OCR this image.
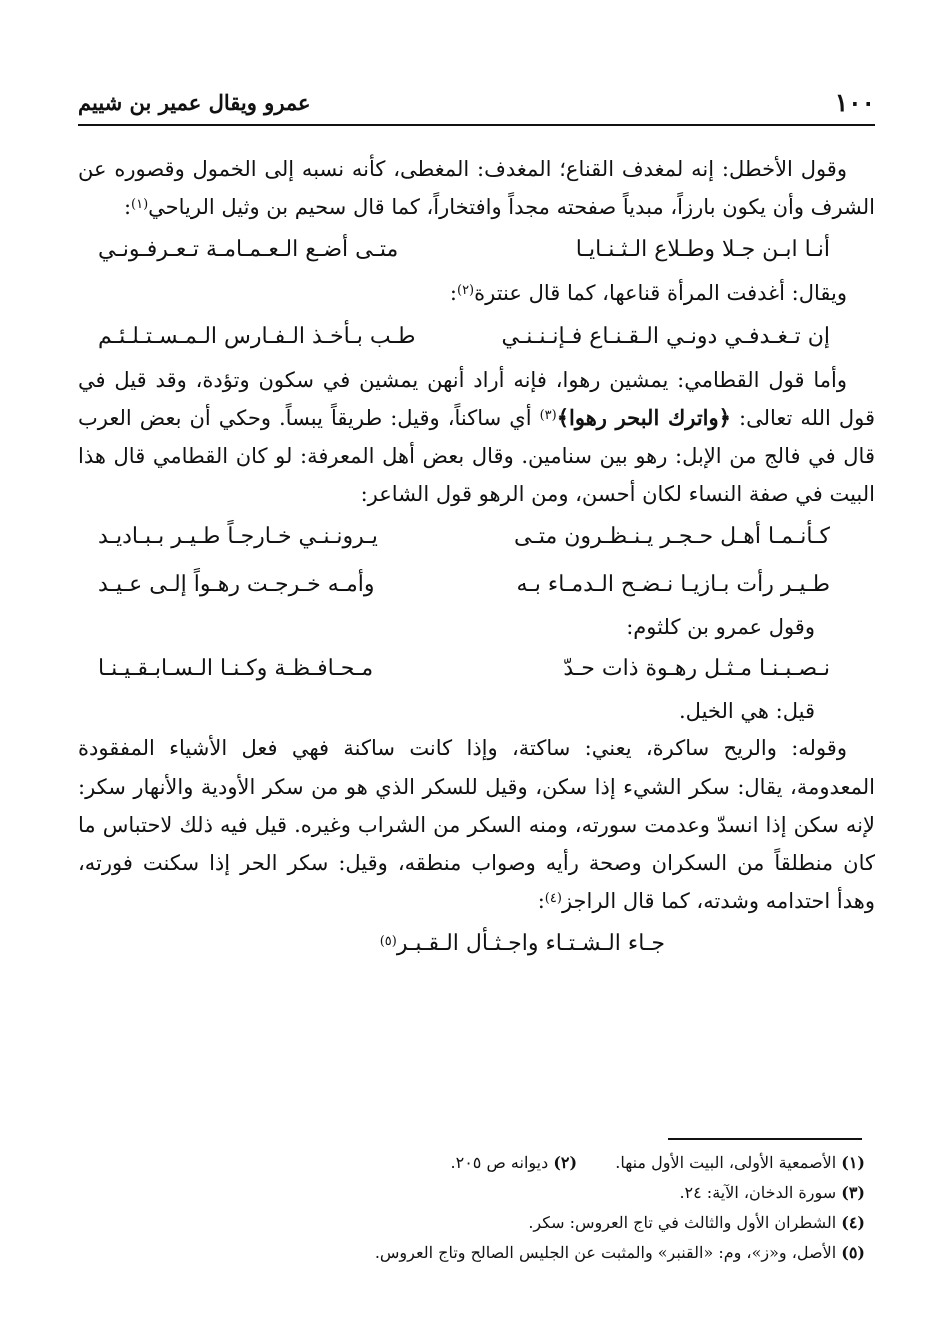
١٠٠
عمرو ويقال عمير بن شييم

وقول الأخطل: إنه لمغدف القناع؛ المغدف: المغطى، كأنه نسبه إلى الخمول وقصوره عن الشرف وأن يكون بارزاً، مبدياً صفحته مجداً وافتخاراً، كما قال سحيم بن وثيل الرياحي$^{(١)}$:

أنـا ابـن جـلا وطـلاع الـثـنـايـا
متـى أضـع الـعـمـامـة تـعـرفـونـي

ويقال: أغدفت المرأة قناعها، كما قال عنترة$^{(٢)}$:

إن تـغـدفـي دونـي الـقـنـاع فـإنـنـنـي
طـب بـأخـذ الـفـارس الـمـسـتـلـئـم

وأما قول القطامي: يمشين رهوا، فإنه أراد أنهن يمشين في سكون وتؤدة، وقد قيل في قول الله تعالى: ﴿واترك البحر رهوا﴾$^{(٣)}$ أي ساكناً، وقيل: طريقاً يبساً. وحكي أن بعض العرب قال في فالج من الإبل: رهو بين سنامين. وقال بعض أهل المعرفة: لو كان القطامي قال هذا البيت في صفة النساء لكان أحسن، ومن الرهو قول الشاعر:

كـأنـمـا أهـل حـجـر يـنـظـرون متـى
يـرونـنـي خـارجـاً طـيـر بـبـاديـد
طـيـر رأت بـازيـا نـضـح الـدمـاء بـه
وأمـه خـرجـت رهـواً إلـى عـيـد
وقول عمرو بن كلثوم:
نـصـبـنـا مـثـل رهـوة ذات حـدّ
مـحـافـظـة وكـنـا الـسـابـقـيـنـا
قيل: هي الخيل.

وقوله: والريح ساكرة، يعني: ساكتة، وإذا كانت ساكنة فهي فعل الأشياء المفقودة المعدومة، يقال: سكر الشيء إذا سكن، وقيل للسكر الذي هو من سكر الأودية والأنهار سكر: لإنه سكن إذا انسدّ وعدمت سورته، ومنه السكر من الشراب وغيره. قيل فيه ذلك لاحتباس ما كان منطلقاً من السكران وصحة رأيه وصواب منطقه، وقيل: سكر الحر إذا سكنت فورته، وهدأ احتدامه وشدته، كما قال الراجز$^{(٤)}$:

جـاء الـشـتـاء واجـثـأل الـقـبـر$^{(٥)}$
(١) الأصمعية الأولى، البيت الأول منها.  (٢) ديوانه ص ٢٠٥.
(٣) سورة الدخان، الآية: ٢٤.
(٤) الشطران الأول والثالث في تاج العروس: سكر.
(٥) الأصل، و«ز»، وم: «القنبر» والمثبت عن الجليس الصالح وتاج العروس.
